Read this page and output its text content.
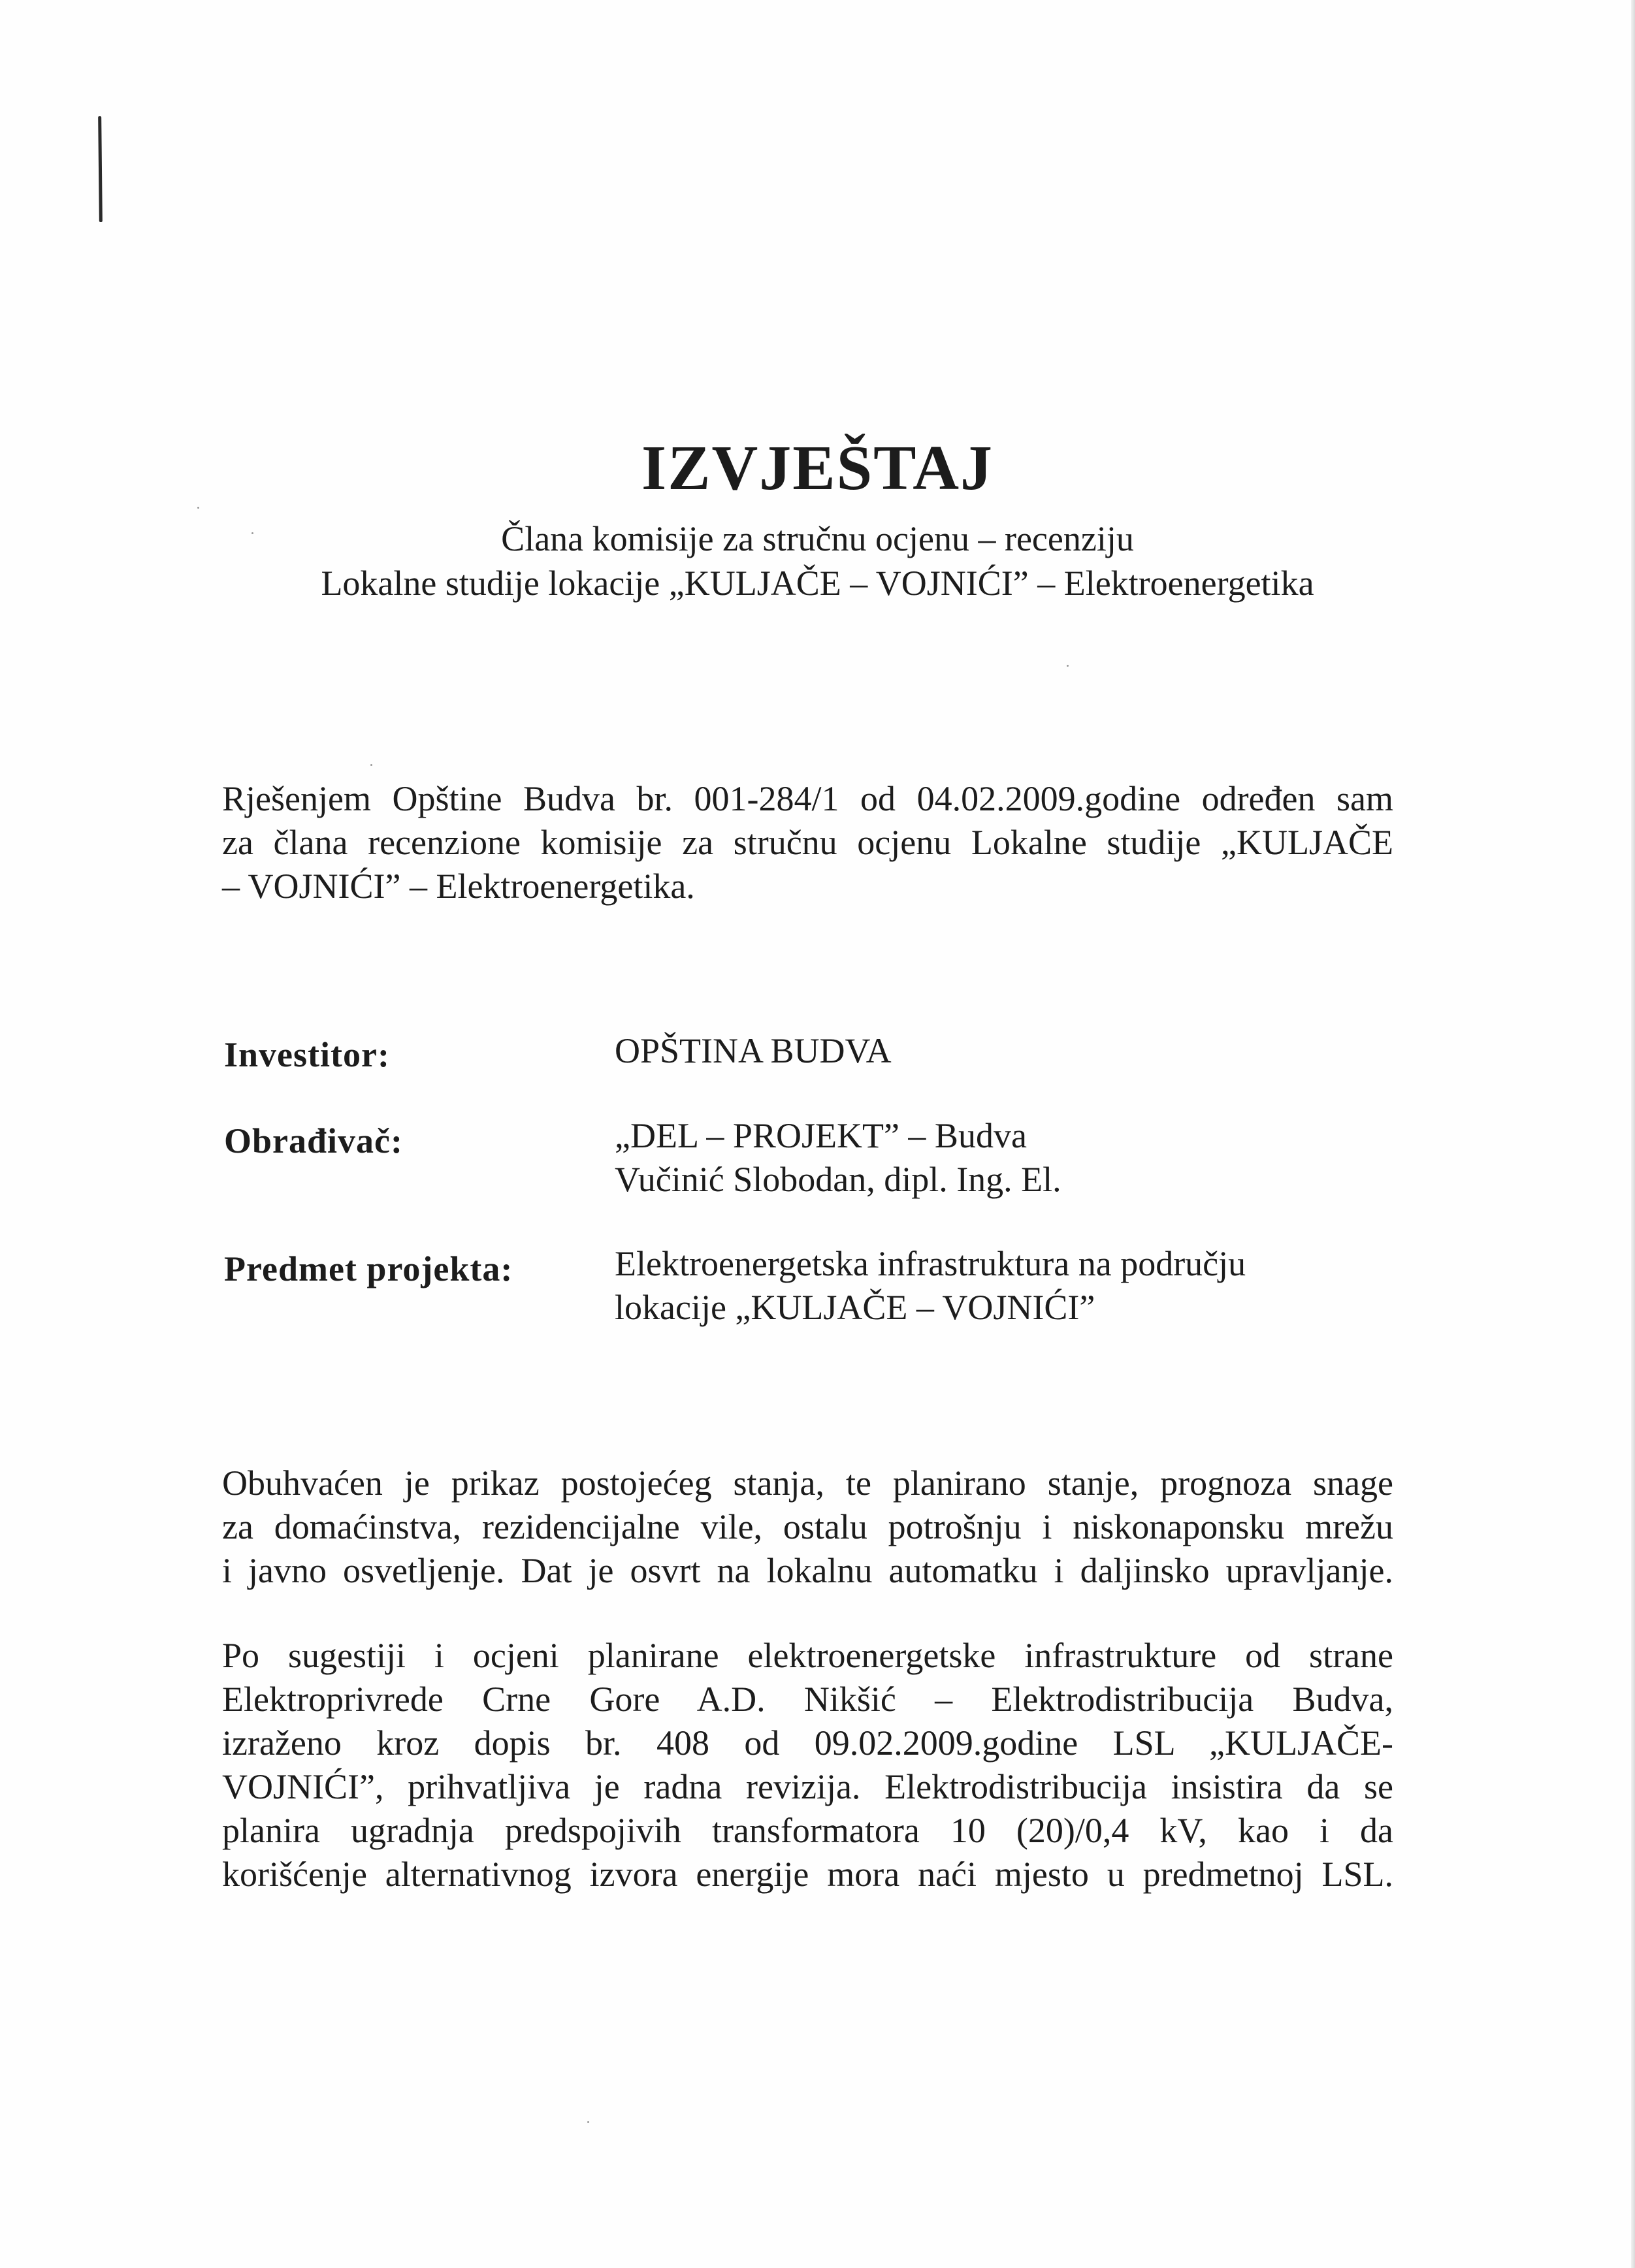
IZVJEŠTAJ
Člana komisije za stručnu ocjenu – recenziju
Lokalne studije lokacije „KULJAČE – VOJNIĆI” – Elektroenergetika
Rješenjem Opštine Budva br. 001-284/1 od 04.02.2009.godine određen sam
za člana recenzione komisije za stručnu ocjenu Lokalne studije „KULJAČE
– VOJNIĆI” – Elektroenergetika.
Investitor:	OPŠTINA BUDVA
Obrađivač:	„DEL – PROJEKT” – Budva
Vučinić Slobodan, dipl. Ing. El.
Predmet projekta:	Elektroenergetska infrastruktura na području
lokacije „KULJAČE – VOJNIĆI”
Obuhvaćen je prikaz postojećeg stanja, te planirano stanje, prognoza snage
za domaćinstva, rezidencijalne vile, ostalu potrošnju i niskonaponsku mrežu
i javno osvetljenje. Dat je osvrt na lokalnu automatku i daljinsko upravljanje.
Po sugestiji i ocjeni planirane elektroenergetske infrastrukture od strane
Elektroprivrede Crne Gore A.D. Nikšić – Elektrodistribucija Budva,
izraženo kroz dopis br. 408 od 09.02.2009.godine LSL „KULJAČE-
VOJNIĆI”, prihvatljiva je radna revizija. Elektrodistribucija insistira da se
planira ugradnja predspojivih transformatora 10 (20)/0,4 kV, kao i da
korišćenje alternativnog izvora energije mora naći mjesto u predmetnoj LSL.
